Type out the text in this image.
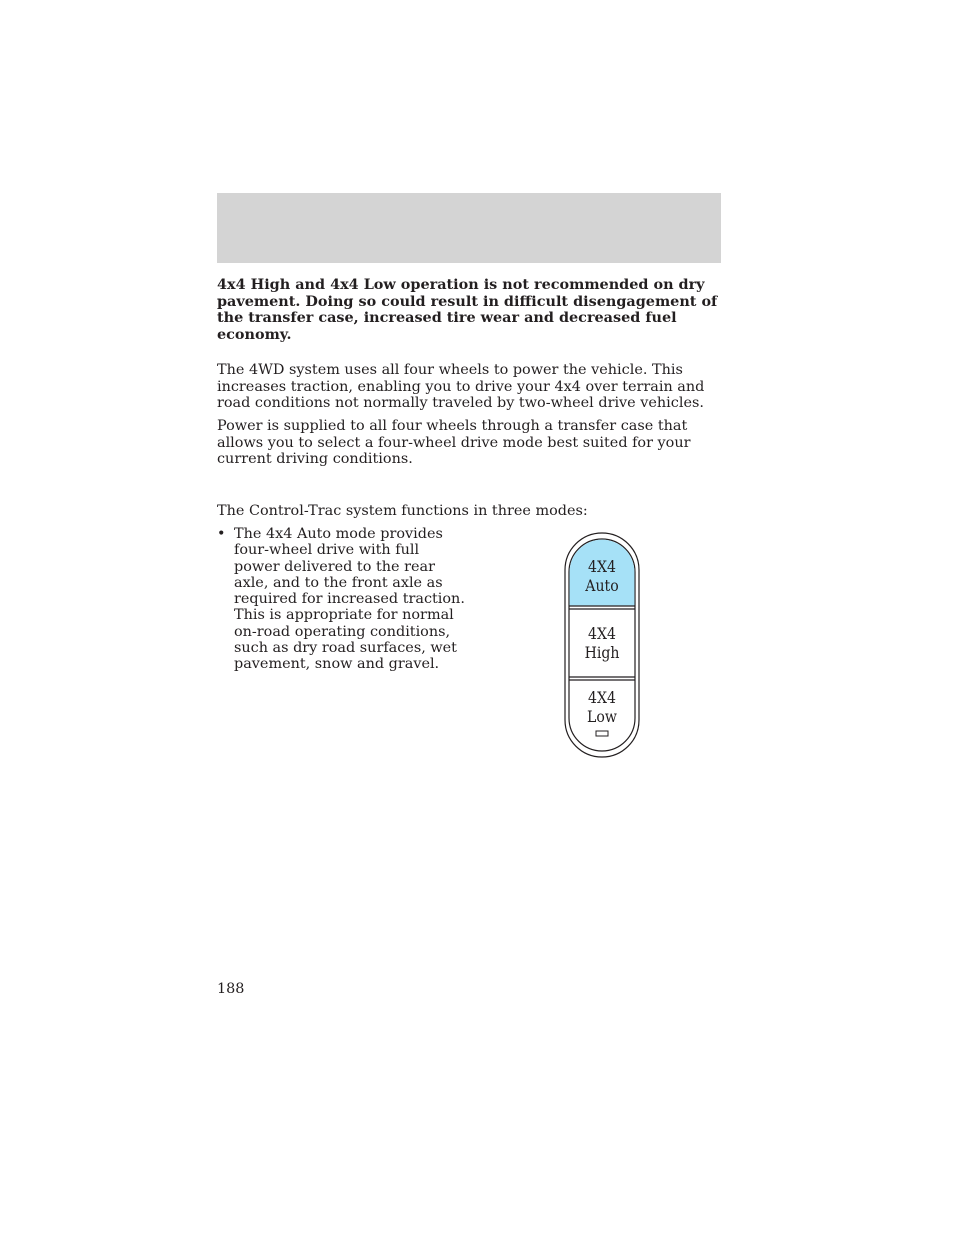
4x4 High and 4x4 Low operation is not recommended on dry pavement. Doing so could result in difficult disengagement of the transfer case, increased tire wear and decreased fuel economy.

The 4WD system uses all four wheels to power the vehicle. This increases traction, enabling you to drive your 4x4 over terrain and road conditions not normally traveled by two-wheel drive vehicles.

Power is supplied to all four wheels through a transfer case that allows you to select a four-wheel drive mode best suited for your current driving conditions.

The Control-Trac system functions in three modes:

• The 4x4 Auto mode provides four-wheel drive with full power delivered to the rear axle, and to the front axle as required for increased traction. This is appropriate for normal on-road operating conditions, such as dry road surfaces, wet pavement, snow and gravel.
4X4
Auto
4X4
High
4X4
Low
188
